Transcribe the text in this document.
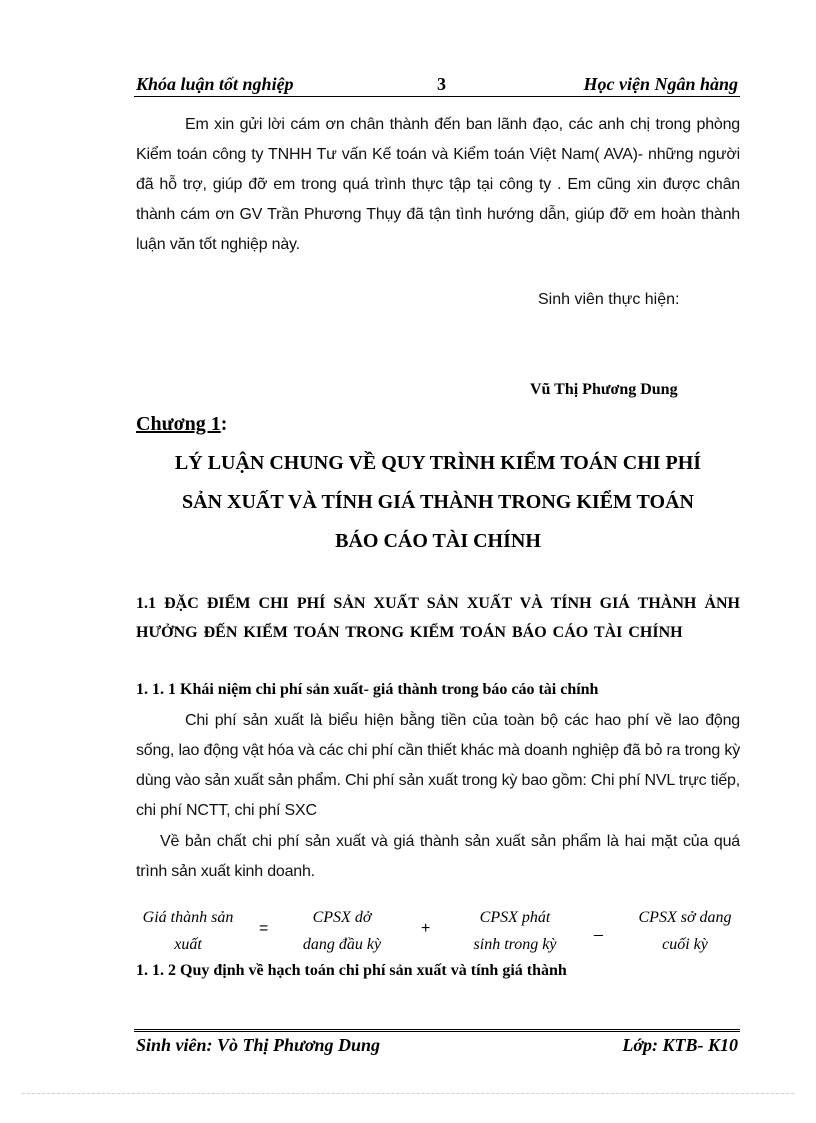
Khóa luận tốt nghiệp	3	Học viện Ngân hàng
Em xin gửi lời cám ơn chân thành đến ban lãnh đạo, các anh chị trong phòng Kiểm toán công ty TNHH Tư vấn Kế toán và Kiểm toán Việt Nam( AVA)- những người đã hỗ trợ, giúp đỡ em trong quá trình thực tập tại công ty . Em cũng xin được chân thành cám ơn GV Trần Phương Thụy đã tận tình hướng dẫn, giúp đỡ em hoàn thành luận văn tốt nghiệp này.
Sinh viên thực hiện:
Vũ Thị Phương Dung
Chương 1:
LÝ LUẬN CHUNG VỀ QUY TRÌNH KIỂM TOÁN CHI PHÍ
SẢN XUẤT VÀ TÍNH GIÁ THÀNH TRONG KIỂM TOÁN
BÁO CÁO TÀI CHÍNH
1.1 ĐẶC ĐIỂM CHI PHÍ SẢN XUẤT SẢN XUẤT VÀ TÍNH GIÁ THÀNH ẢNH HƯỞNG ĐẾN KIỂM TOÁN TRONG KIỂM TOÁN BÁO CÁO TÀI CHÍNH
1. 1. 1 Khái niệm chi phí sản xuất- giá thành trong báo cáo tài chính
Chi phí sản xuất là biểu hiện bằng tiền của toàn bộ các hao phí về lao động sống, lao động vật hóa và các chi phí cần thiết khác mà doanh nghiệp đã bỏ ra trong kỳ dùng vào sản xuất sản phẩm. Chi phí sản xuất trong kỳ bao gồm: Chi phí NVL trực tiếp, chi phí NCTT, chi phí SXC
Về bản chất chi phí sản xuất và giá thành sản xuất sản phẩm là hai mặt của quá trình sản xuất kinh doanh.
Giá thành sản
xuất
=
CPSX dở
dang đầu kỳ
+
CPSX phát
sinh trong kỳ
_
CPSX sở dang
cuối kỳ
1. 1. 2 Quy định về hạch toán chi phí sản xuất và tính giá thành
Sinh viên: Vò Thị Phương Dung	Lớp: KTB- K10
